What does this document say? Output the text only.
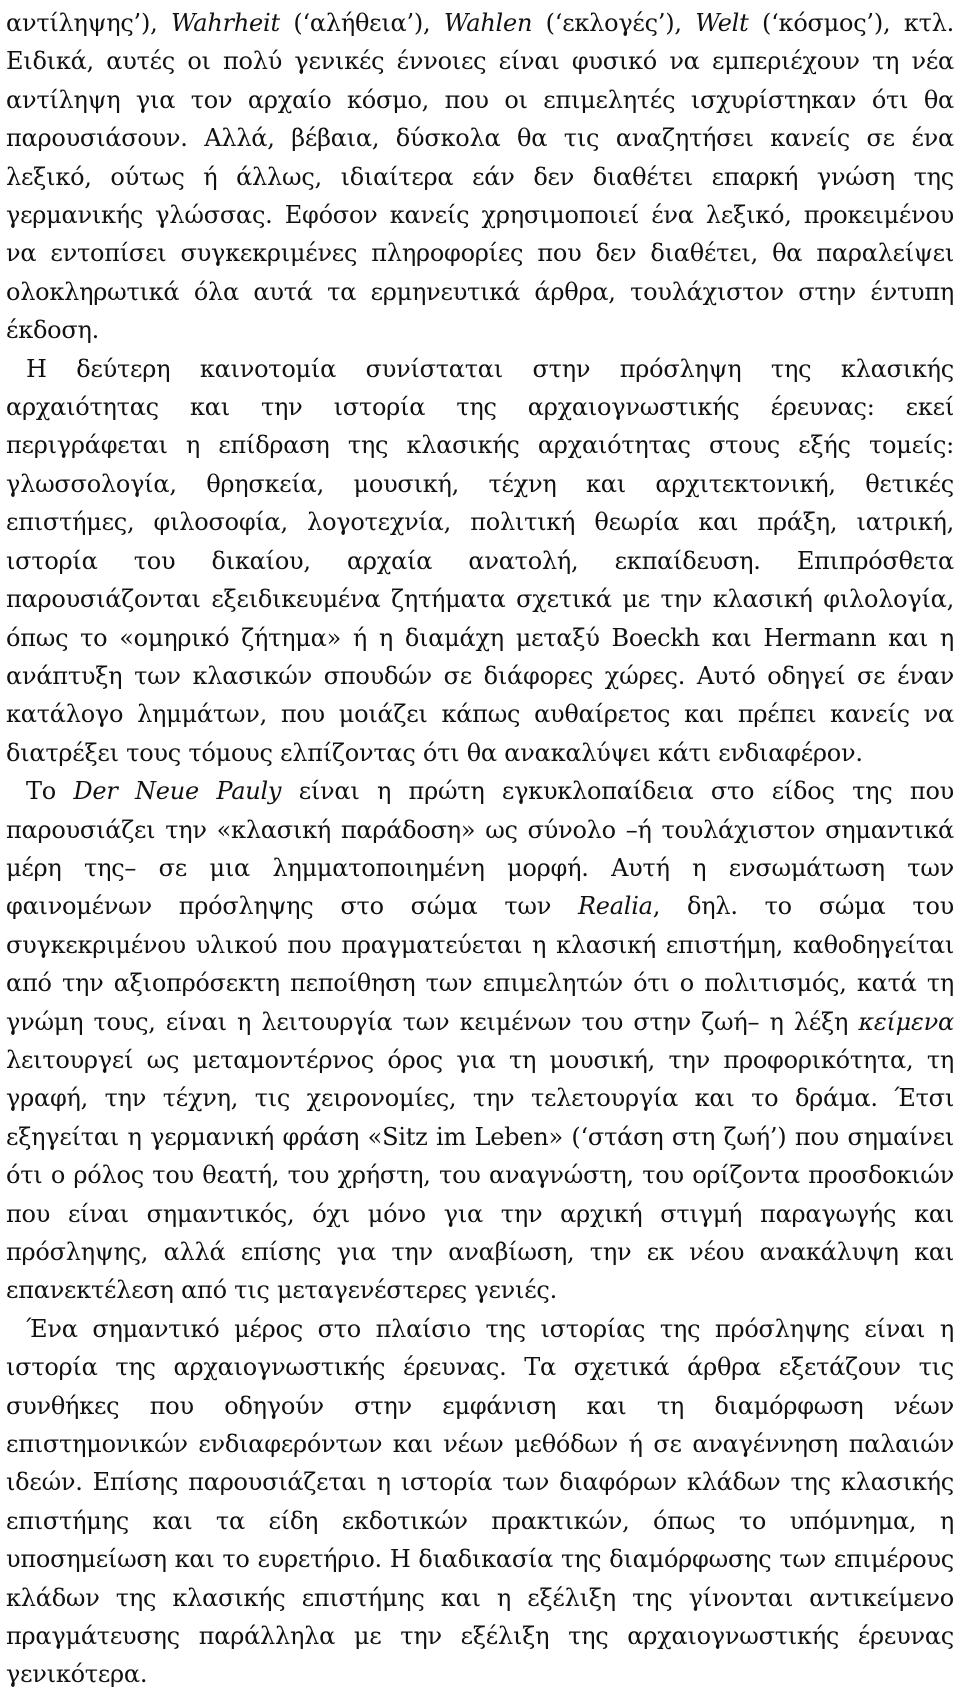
αντίληψης’), Wahrheit (‘αλήθεια’), Wahlen (‘εκλογές’), Welt (‘κόσμος’), κτλ. Ειδικά, αυτές οι πολύ γενικές έννοιες είναι φυσικό να εμπεριέχουν τη νέα αντίληψη για τον αρχαίο κόσμο, που οι επιμελητές ισχυρίστηκαν ότι θα παρουσιάσουν. Αλλά, βέβαια, δύσκολα θα τις αναζητήσει κανείς σε ένα λεξικό, ούτως ή άλλως, ιδιαίτερα εάν δεν διαθέτει επαρκή γνώση της γερμανικής γλώσσας. Εφόσον κανείς χρησιμοποιεί ένα λεξικό, προκειμένου να εντοπίσει συγκεκριμένες πληροφορίες που δεν διαθέτει, θα παραλείψει ολοκληρωτικά όλα αυτά τα ερμηνευτικά άρθρα, τουλάχιστον στην έντυπη έκδοση.

Η δεύτερη καινοτομία συνίσταται στην πρόσληψη της κλασικής αρχαιότητας και την ιστορία της αρχαιογνωστικής έρευνας: εκεί περιγράφεται η επίδραση της κλασικής αρχαιότητας στους εξής τομείς: γλωσσολογία, θρησκεία, μουσική, τέχνη και αρχιτεκτονική, θετικές επιστήμες, φιλοσοφία, λογοτεχνία, πολιτική θεωρία και πράξη, ιατρική, ιστορία του δικαίου, αρχαία ανατολή, εκπαίδευση. Επιπρόσθετα παρουσιάζονται εξειδικευμένα ζητήματα σχετικά με την κλασική φιλολογία, όπως το «ομηρικό ζήτημα» ή η διαμάχη μεταξύ Boeckh και Hermann και η ανάπτυξη των κλασικών σπουδών σε διάφορες χώρες. Αυτό οδηγεί σε έναν κατάλογο λημμάτων, που μοιάζει κάπως αυθαίρετος και πρέπει κανείς να διατρέξει τους τόμους ελπίζοντας ότι θα ανακαλύψει κάτι ενδιαφέρον.

Το Der Neue Pauly είναι η πρώτη εγκυκλοπαίδεια στο είδος της που παρουσιάζει την «κλασική παράδοση» ως σύνολο –ή τουλάχιστον σημαντικά μέρη της– σε μια λημματοποιημένη μορφή. Αυτή η ενσωμάτωση των φαινομένων πρόσληψης στο σώμα των Realia, δηλ. το σώμα του συγκεκριμένου υλικού που πραγματεύεται η κλασική επιστήμη, καθοδηγείται από την αξιοπρόσεκτη πεποίθηση των επιμελητών ότι ο πολιτισμός, κατά τη γνώμη τους, είναι η λειτουργία των κειμένων του στην ζωή– η λέξη κείμενα λειτουργεί ως μεταμοντέρνος όρος για τη μουσική, την προφορικότητα, τη γραφή, την τέχνη, τις χειρονομίες, την τελετουργία και το δράμα. Έτσι εξηγείται η γερμανική φράση «Sitz im Leben» (‘στάση στη ζωή’) που σημαίνει ότι ο ρόλος του θεατή, του χρήστη, του αναγνώστη, του ορίζοντα προσδοκιών που είναι σημαντικός, όχι μόνο για την αρχική στιγμή παραγωγής και πρόσληψης, αλλά επίσης για την αναβίωση, την εκ νέου ανακάλυψη και επανεκτέλεση από τις μεταγενέστερες γενιές.

Ένα σημαντικό μέρος στο πλαίσιο της ιστορίας της πρόσληψης είναι η ιστορία της αρχαιογνωστικής έρευνας. Τα σχετικά άρθρα εξετάζουν τις συνθήκες που οδηγούν στην εμφάνιση και τη διαμόρφωση νέων επιστημονικών ενδιαφερόντων και νέων μεθόδων ή σε αναγέννηση παλαιών ιδεών. Επίσης παρουσιάζεται η ιστορία των διαφόρων κλάδων της κλασικής επιστήμης και τα είδη εκδοτικών πρακτικών, όπως το υπόμνημα, η υποσημείωση και το ευρετήριο. Η διαδικασία της διαμόρφωσης των επιμέρους κλάδων της κλασικής επιστήμης και η εξέλιξη της γίνονται αντικείμενο πραγμάτευσης παράλληλα με την εξέλιξη της αρχαιογνωστικής έρευνας γενικότερα.
